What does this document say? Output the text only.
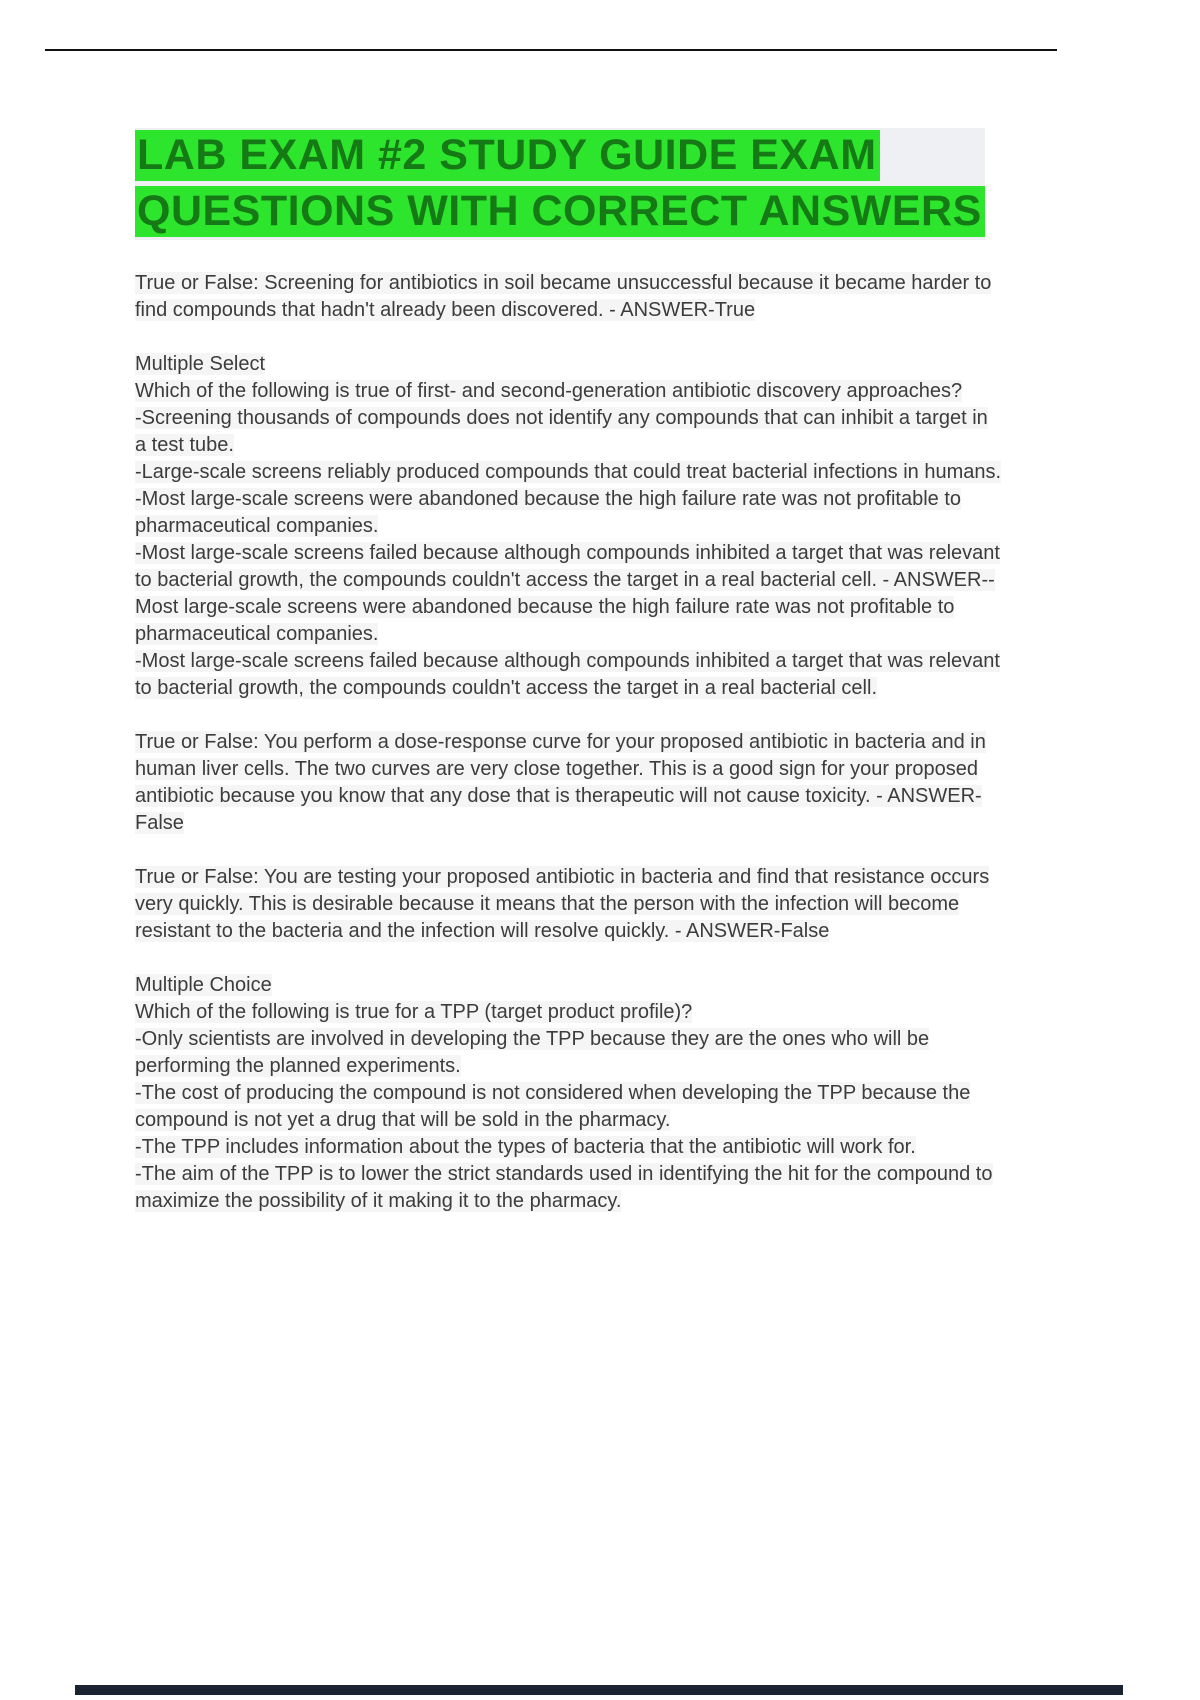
LAB EXAM #2 STUDY GUIDE EXAM
QUESTIONS WITH CORRECT ANSWERS
True or False: Screening for antibiotics in soil became unsuccessful because it became harder to find compounds that hadn't already been discovered. - ANSWER-True
Multiple Select
Which of the following is true of first- and second-generation antibiotic discovery approaches?
-Screening thousands of compounds does not identify any compounds that can inhibit a target in a test tube.
-Large-scale screens reliably produced compounds that could treat bacterial infections in humans.
-Most large-scale screens were abandoned because the high failure rate was not profitable to pharmaceutical companies.
-Most large-scale screens failed because although compounds inhibited a target that was relevant to bacterial growth, the compounds couldn't access the target in a real bacterial cell. - ANSWER--Most large-scale screens were abandoned because the high failure rate was not profitable to pharmaceutical companies.
-Most large-scale screens failed because although compounds inhibited a target that was relevant to bacterial growth, the compounds couldn't access the target in a real bacterial cell.
True or False: You perform a dose-response curve for your proposed antibiotic in bacteria and in human liver cells. The two curves are very close together. This is a good sign for your proposed antibiotic because you know that any dose that is therapeutic will not cause toxicity. - ANSWER-False
True or False: You are testing your proposed antibiotic in bacteria and find that resistance occurs very quickly. This is desirable because it means that the person with the infection will become resistant to the bacteria and the infection will resolve quickly. - ANSWER-False
Multiple Choice
Which of the following is true for a TPP (target product profile)?
-Only scientists are involved in developing the TPP because they are the ones who will be performing the planned experiments.
-The cost of producing the compound is not considered when developing the TPP because the compound is not yet a drug that will be sold in the pharmacy.
-The TPP includes information about the types of bacteria that the antibiotic will work for.
-The aim of the TPP is to lower the strict standards used in identifying the hit for the compound to maximize the possibility of it making it to the pharmacy.
